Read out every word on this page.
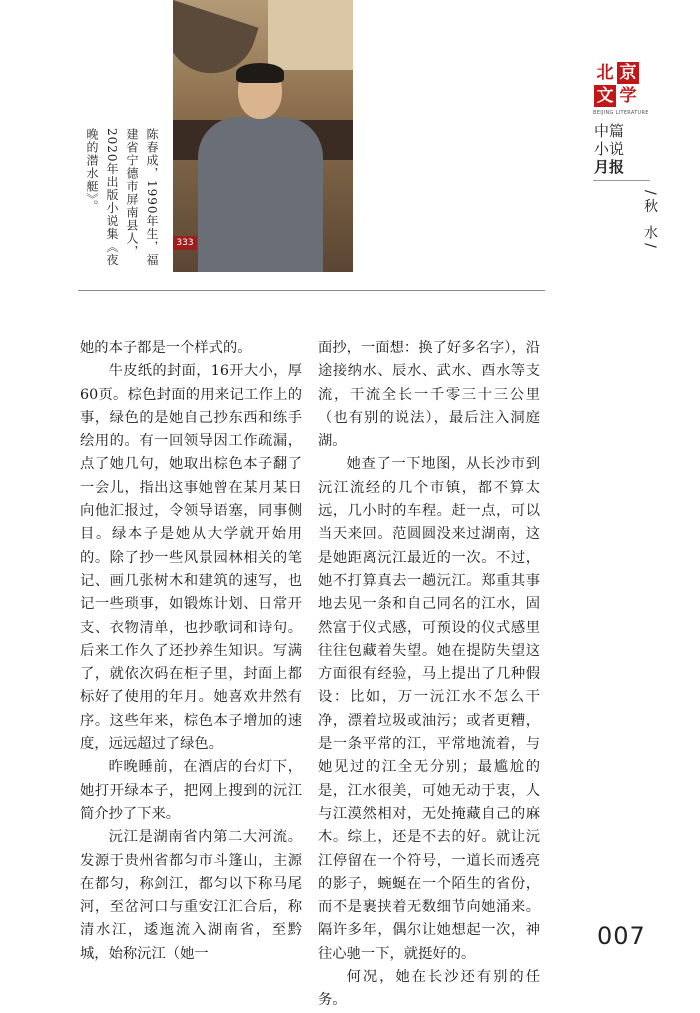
333
陈春成，1990年生，福建省宁德市屏南县人，2020年出版小说集《夜晚的潜水艇》。
北 京
文 学
BEIJING LITERATURE
中篇
小说
月报
/秋 水/

她的本子都是一个样式的。

牛皮纸的封面，16开大小，厚60页。棕色封面的用来记工作上的事，绿色的是她自己抄东西和练手绘用的。有一回领导因工作疏漏，点了她几句，她取出棕色本子翻了一会儿，指出这事她曾在某月某日向他汇报过，令领导语塞，同事侧目。绿本子是她从大学就开始用的。除了抄一些风景园林相关的笔记、画几张树木和建筑的速写，也记一些琐事，如锻炼计划、日常开支、衣物清单，也抄歌词和诗句。后来工作久了还抄养生知识。写满了，就依次码在柜子里，封面上都标好了使用的年月。她喜欢井然有序。这些年来，棕色本子增加的速度，远远超过了绿色。

昨晚睡前，在酒店的台灯下，她打开绿本子，把网上搜到的沅江简介抄了下来。

沅江是湖南省内第二大河流。发源于贵州省都匀市斗篷山，主源在都匀，称剑江，都匀以下称马尾河，至岔河口与重安江汇合后，称清水江，逶迤流入湖南省，至黔城，始称沅江（她一

面抄，一面想：换了好多名字），沿途接纳水、辰水、武水、酉水等支流，干流全长一千零三十三公里（也有别的说法），最后注入洞庭湖。

她查了一下地图，从长沙市到沅江流经的几个市镇，都不算太远，几小时的车程。赶一点，可以当天来回。范圆圆没来过湖南，这是她距离沅江最近的一次。不过，她不打算真去一趟沅江。郑重其事地去见一条和自己同名的江水，固然富于仪式感，可预设的仪式感里往往包藏着失望。她在提防失望这方面很有经验，马上提出了几种假设：比如，万一沅江水不怎么干净，漂着垃圾或油污；或者更糟，是一条平常的江，平常地流着，与她见过的江全无分别；最尴尬的是，江水很美，可她无动于衷，人与江漠然相对，无处掩藏自己的麻木。综上，还是不去的好。就让沅江停留在一个符号，一道长而透亮的影子，蜿蜒在一个陌生的省份，而不是裹挟着无数细节向她涌来。隔许多年，偶尔让她想起一次，神往心驰一下，就挺好的。

何况，她在长沙还有别的任务。

007
